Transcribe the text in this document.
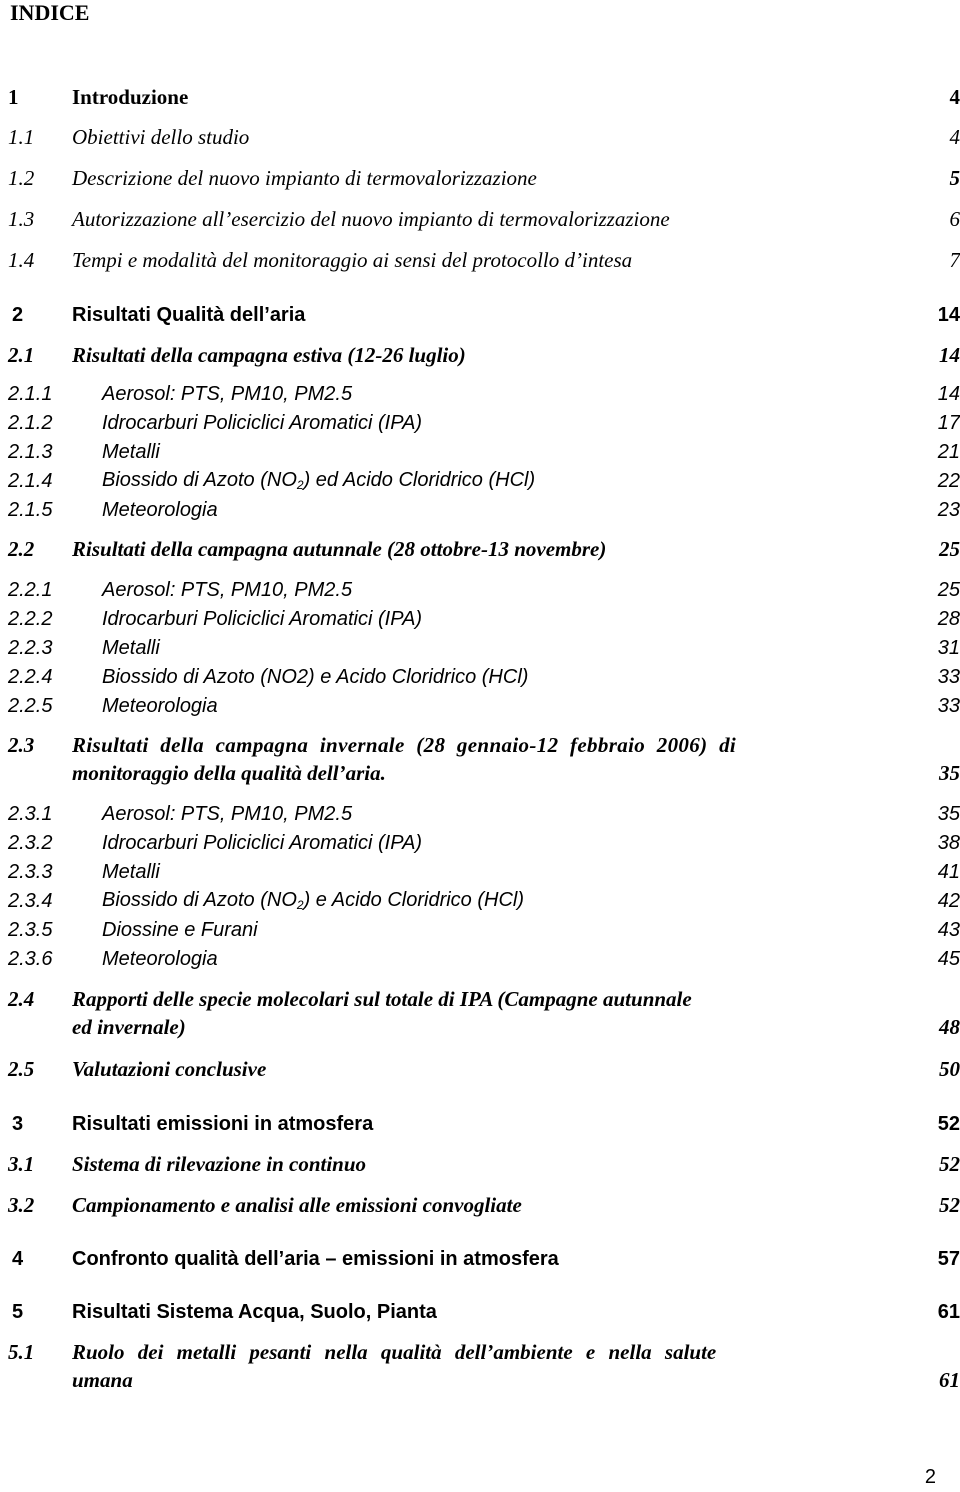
INDICE
1	Introduzione	4
1.1 Obiettivi dello studio	4
1.2 Descrizione del nuovo impianto di termovalorizzazione	5
1.3 Autorizzazione all’esercizio del nuovo impianto di termovalorizzazione	6
1.4 Tempi e modalità del monitoraggio ai sensi del protocollo d’intesa	7
2 Risultati Qualità dell’aria	14
2.1 Risultati della campagna estiva (12-26 luglio)	14
2.1.1 Aerosol: PTS, PM10, PM2.5	14
2.1.2 Idrocarburi Policiclici Aromatici (IPA)	17
2.1.3 Metalli	21
2.1.4 Biossido di Azoto $(NO_2)$ ed Acido Cloridrico (HCl)	22
2.1.5 Meteorologia	23
2.2 Risultati della campagna autunnale (28 ottobre-13 novembre)	25
2.2.1 Aerosol: PTS, PM10, PM2.5	25
2.2.2 Idrocarburi Policiclici Aromatici (IPA)	28
2.2.3 Metalli	31
2.2.4 Biossido di Azoto (NO2) e Acido Cloridrico (HCl)	33
2.2.5 Meteorologia	33
2.3 Risultati della campagna invernale (28 gennaio-12 febbraio 2006) di
monitoraggio della qualità dell’aria.	35
2.3.1 Aerosol: PTS, PM10, PM2.5	35
2.3.2 Idrocarburi Policiclici Aromatici (IPA)	38
2.3.3 Metalli	41
2.3.4 Biossido di Azoto $(NO_2)$ e Acido Cloridrico (HCl)	42
2.3.5 Diossine e Furani	43
2.3.6 Meteorologia	45
2.4 Rapporti delle specie molecolari sul totale di IPA (Campagne autunnale
ed invernale)	48
2.5 Valutazioni conclusive	50
3 Risultati emissioni in atmosfera	52
3.1 Sistema di rilevazione in continuo	52
3.2 Campionamento e analisi alle emissioni convogliate	52
4 Confronto qualità dell’aria – emissioni in atmosfera	57
5 Risultati Sistema Acqua, Suolo, Pianta	61
5.1 Ruolo dei metalli pesanti nella qualità dell’ambiente e nella salute
umana	61
2
